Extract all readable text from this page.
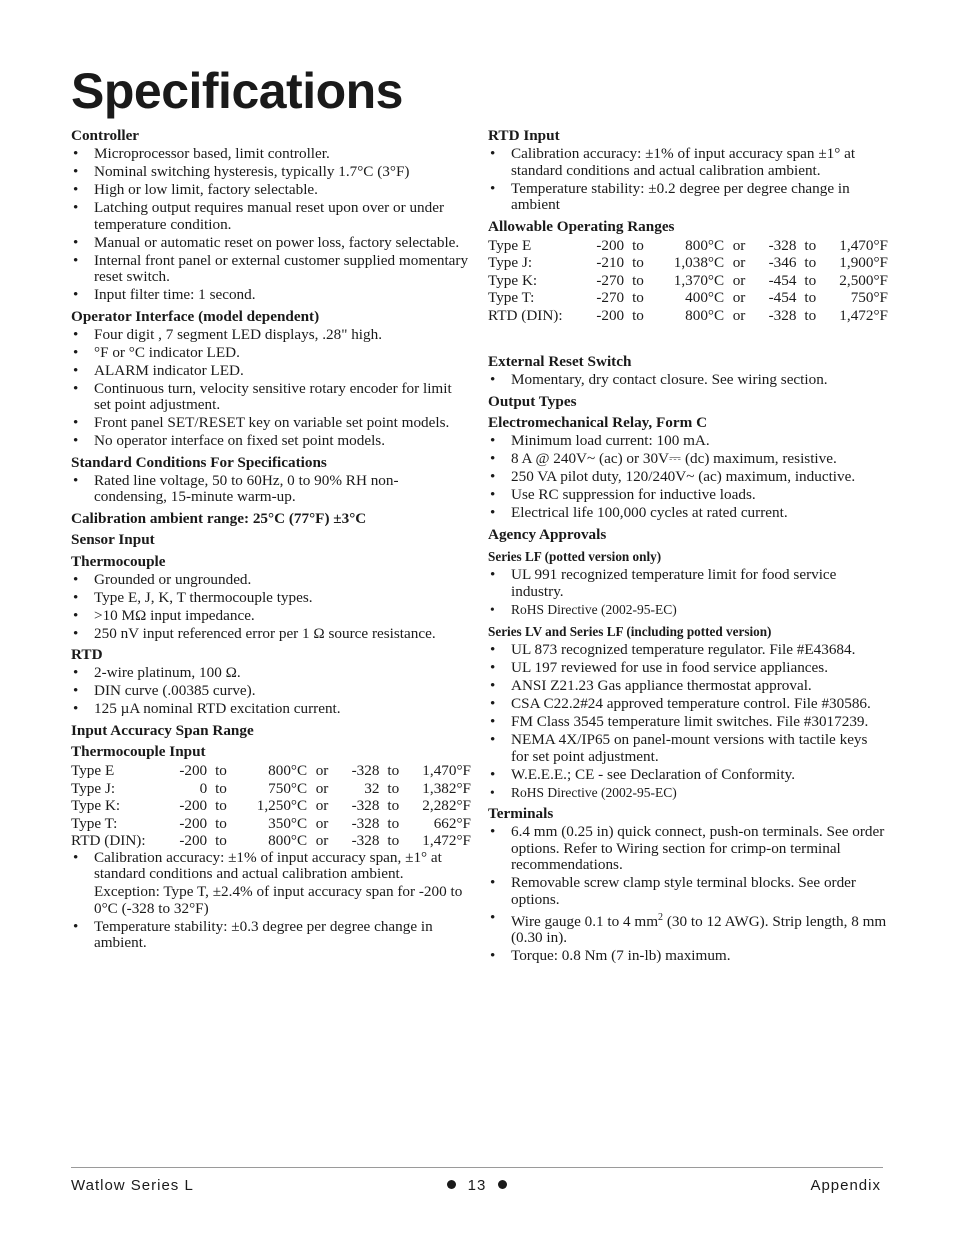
Specifications
Controller
• Microprocessor based, limit controller.
• Nominal switching hysteresis, typically 1.7°C (3°F)
• High or low limit, factory selectable.
• Latching output requires manual reset upon over or under temperature condition.
• Manual or automatic reset on power loss, factory selectable.
• Internal front panel or external customer supplied momentary reset switch.
• Input filter time: 1 second.
Operator Interface (model dependent)
• Four digit , 7 segment LED displays, .28" high.
• °F or °C indicator LED.
• ALARM indicator LED.
• Continuous turn, velocity sensitive rotary encoder for limit set point adjustment.
• Front panel SET/RESET key on variable set point models.
• No operator interface on fixed set point models.
Standard Conditions For Specifications
• Rated line voltage, 50 to 60Hz, 0 to 90% RH non-condensing, 15-minute warm-up.
Calibration ambient range: 25°C (77°F) ±3°C
Sensor Input
Thermocouple
• Grounded or ungrounded.
• Type E, J, K, T thermocouple types.
• >10 MΩ input impedance.
• 250 nV input referenced error per 1 Ω source resistance.
RTD
• 2-wire platinum, 100 Ω.
• DIN curve (.00385 curve).
• 125 µA nominal RTD excitation current.
Input Accuracy Span Range
Thermocouple Input
Type E	-200	to	800°C	or	-328	to	1,470°F
Type J:	0	to	750°C	or	32	to	1,382°F
Type K:	-200	to	1,250°C	or	-328	to	2,282°F
Type T:	-200	to	350°C	or	-328	to	662°F
RTD (DIN):	-200	to	800°C	or	-328	to	1,472°F
• Calibration accuracy: ±1% of input accuracy span, ±1° at standard conditions and actual calibration ambient.
Exception: Type T, ±2.4% of input accuracy span for -200 to 0°C (-328 to 32°F)
• Temperature stability: ±0.3 degree per degree change in ambient.
RTD Input
• Calibration accuracy: ±1% of input accuracy span ±1° at standard conditions and actual calibration ambient.
• Temperature stability: ±0.2 degree per degree change in ambient
Allowable Operating Ranges
Type E	-200	to	800°C	or	-328	to	1,470°F
Type J:	-210	to	1,038°C	or	-346	to	1,900°F
Type K:	-270	to	1,370°C	or	-454	to	2,500°F
Type T:	-270	to	400°C	or	-454	to	750°F
RTD (DIN):	-200	to	800°C	or	-328	to	1,472°F
External Reset Switch
• Momentary, dry contact closure. See wiring section.
Output Types
Electromechanical Relay, Form C
• Minimum load current: 100 mA.
• 8 A @ 240V~ (ac) or 30V⎓ (dc) maximum, resistive.
• 250 VA pilot duty, 120/240V~ (ac) maximum, inductive.
• Use RC suppression for inductive loads.
• Electrical life 100,000 cycles at rated current.
Agency Approvals
Series LF (potted version only)
• UL 991 recognized temperature limit for food service industry.
• RoHS Directive (2002-95-EC)
Series LV and Series LF (including potted version)
• UL 873 recognized temperature regulator. File #E43684.
• UL 197 reviewed for use in food service appliances.
• ANSI Z21.23 Gas appliance thermostat approval.
• CSA C22.2#24 approved temperature control. File #30586.
• FM Class 3545 temperature limit switches. File #3017239.
• NEMA 4X/IP65 on panel-mount versions with tactile keys for set point adjustment.
• W.E.E.E.; CE - see Declaration of Conformity.
• RoHS Directive (2002-95-EC)
Terminals
• 6.4 mm (0.25 in) quick connect, push-on terminals. See order options. Refer to Wiring section for crimp-on terminal recommendations.
• Removable screw clamp style terminal blocks. See order options.
• Wire gauge 0.1 to 4 $mm^2$ (30 to 12 AWG). Strip length, 8 mm (0.30 in).
• Torque: 0.8 Nm (7 in-lb) maximum.
Watlow Series L	13	Appendix
